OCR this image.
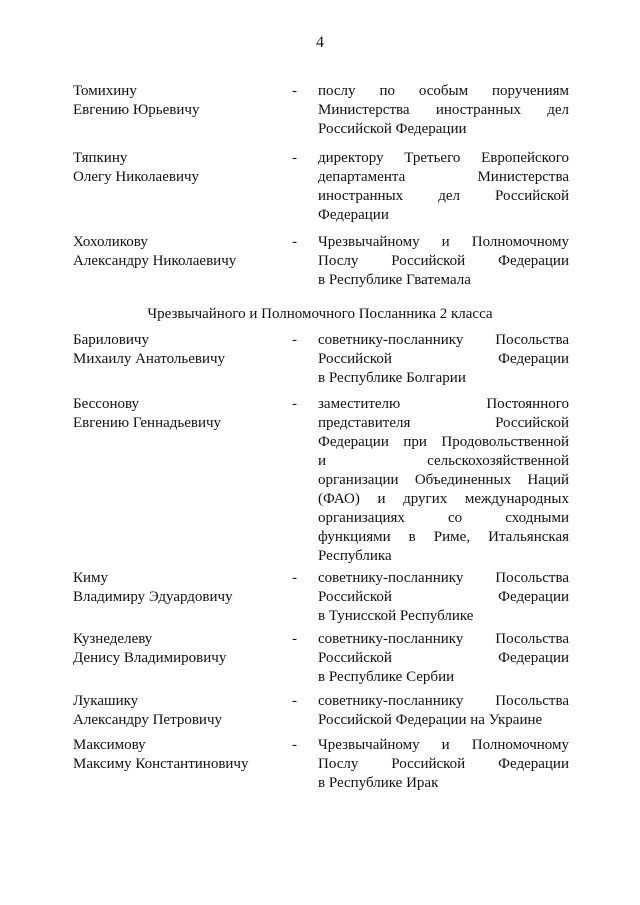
4
Томихину
Евгению Юрьевичу
- послу по особым поручениям
Министерства иностранных дел
Российской Федерации
Тяпкину
Олегу Николаевичу
- директору Третьего Европейского
департамента Министерства
иностранных дел Российской
Федерации
Хохоликову
Александру Николаевичу
- Чрезвычайному и Полномочному
Послу Российской Федерации
в Республике Гватемала
Чрезвычайного и Полномочного Посланника 2 класса
Бариловичу
Михаилу Анатольевичу
- советнику-посланнику Посольства
Российской Федерации
в Республике Болгарии
Бессонову
Евгению Геннадьевичу
- заместителю Постоянного
представителя Российской
Федерации при Продовольственной
и сельскохозяйственной
организации Объединенных Наций
(ФАО) и других международных
организациях со сходными
функциями в Риме, Итальянская
Республика
Киму
Владимиру Эдуардовичу
- советнику-посланнику Посольства
Российской Федерации
в Тунисской Республике
Кузнеделеву
Денису Владимировичу
- советнику-посланнику Посольства
Российской Федерации
в Республике Сербии
Лукашику
Александру Петровичу
- советнику-посланнику Посольства
Российской Федерации на Украине
Максимову
Максиму Константиновичу
- Чрезвычайному и Полномочному
Послу Российской Федерации
в Республике Ирак
